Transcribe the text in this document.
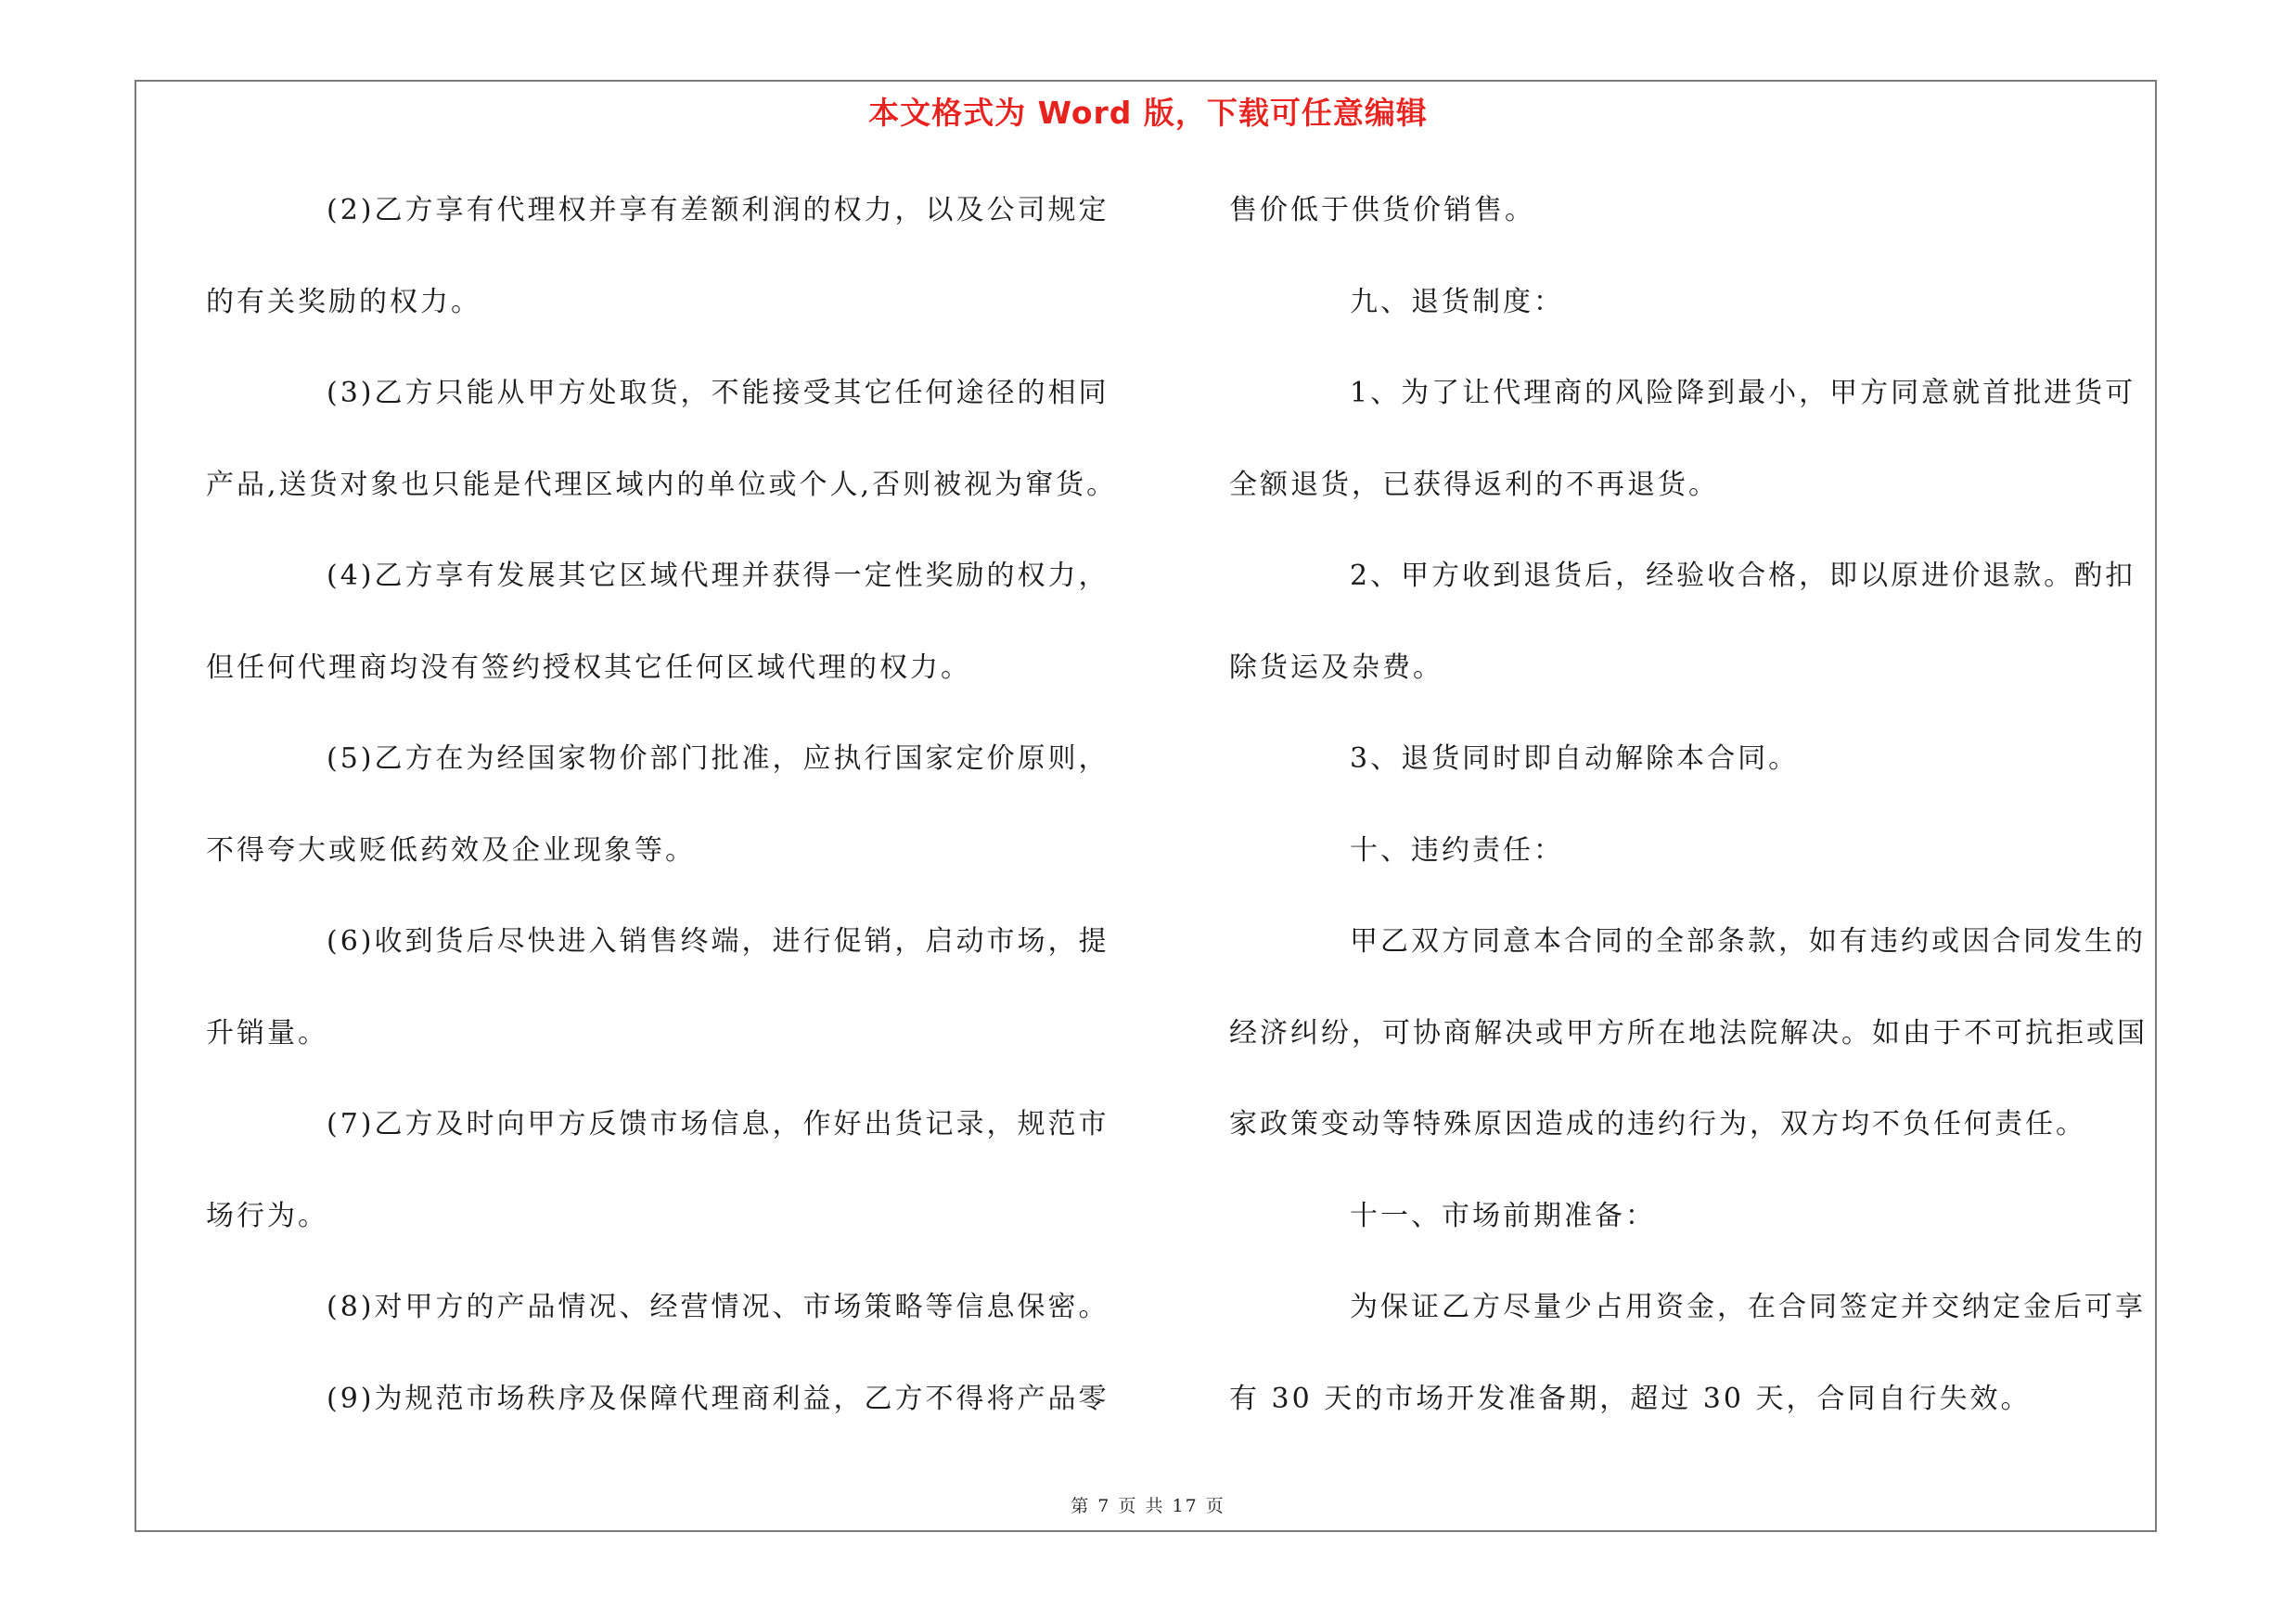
本文格式为 Word 版，下载可任意编辑
(2)乙方享有代理权并享有差额利润的权力，以及公司规定
的有关奖励的权力。
(3)乙方只能从甲方处取货，不能接受其它任何途径的相同
产品,送货对象也只能是代理区域内的单位或个人,否则被视为窜货。
(4)乙方享有发展其它区域代理并获得一定性奖励的权力，
但任何代理商均没有签约授权其它任何区域代理的权力。
(5)乙方在为经国家物价部门批准，应执行国家定价原则，
不得夸大或贬低药效及企业现象等。
(6)收到货后尽快进入销售终端，进行促销，启动市场，提
升销量。
(7)乙方及时向甲方反馈市场信息，作好出货记录，规范市
场行为。
(8)对甲方的产品情况、经营情况、市场策略等信息保密。
(9)为规范市场秩序及保障代理商利益，乙方不得将产品零
售价低于供货价销售。
九、退货制度：
1、为了让代理商的风险降到最小，甲方同意就首批进货可
全额退货，已获得返利的不再退货。
2、甲方收到退货后，经验收合格，即以原进价退款。酌扣
除货运及杂费。
3、退货同时即自动解除本合同。
十、违约责任：
甲乙双方同意本合同的全部条款，如有违约或因合同发生的
经济纠纷，可协商解决或甲方所在地法院解决。如由于不可抗拒或国
家政策变动等特殊原因造成的违约行为，双方均不负任何责任。
十一、市场前期准备：
为保证乙方尽量少占用资金，在合同签定并交纳定金后可享
有 30 天的市场开发准备期，超过 30 天，合同自行失效。
第 7 页 共 17 页
